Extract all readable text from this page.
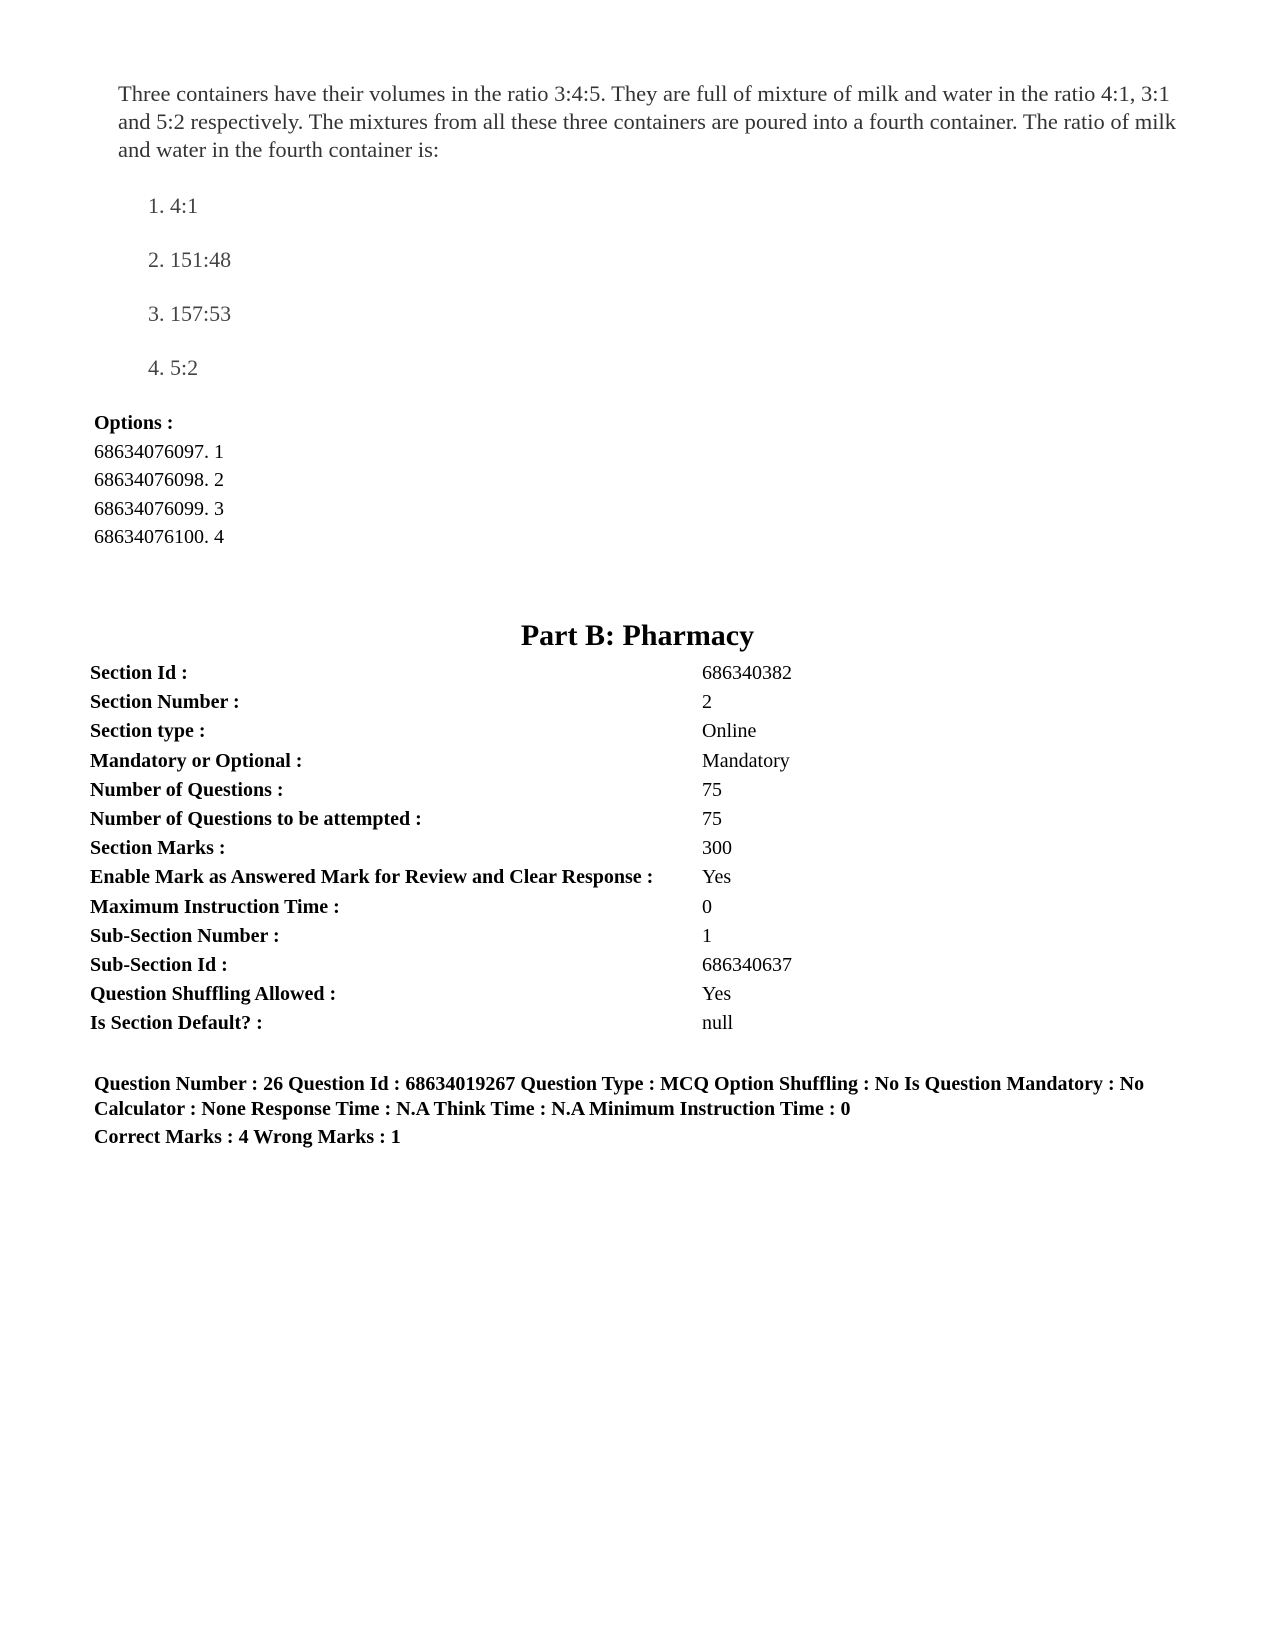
Three containers have their volumes in the ratio 3:4:5. They are full of mixture of milk and water in the ratio 4:1, 3:1 and 5:2 respectively. The mixtures from all these three containers are poured into a fourth container. The ratio of milk and water in the fourth container is:

1. 4:1
2. 151:48
3. 157:53
4. 5:2
Options :
68634076097. 1
68634076098. 2
68634076099. 3
68634076100. 4
Part B: Pharmacy
Section Id :	686340382
Section Number :	2
Section type :	Online
Mandatory or Optional :	Mandatory
Number of Questions :	75
Number of Questions to be attempted :	75
Section Marks :	300
Enable Mark as Answered Mark for Review and Clear Response :	Yes
Maximum Instruction Time :	0
Sub-Section Number :	1
Sub-Section Id :	686340637
Question Shuffling Allowed :	Yes
Is Section Default? :	null

Question Number : 26 Question Id : 68634019267 Question Type : MCQ Option Shuffling : No Is Question Mandatory : No Calculator : None Response Time : N.A Think Time : N.A Minimum Instruction Time : 0

Correct Marks : 4 Wrong Marks : 1
